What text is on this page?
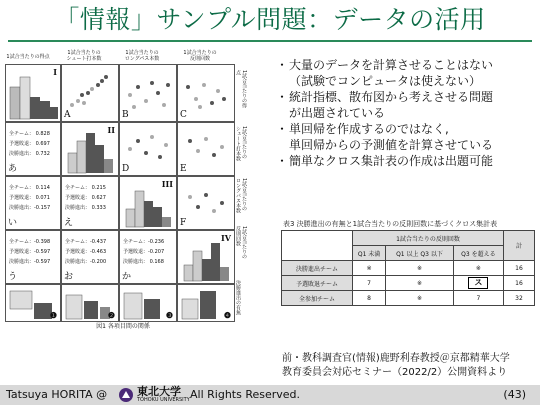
「情報」サンプル問題：データの活用
1試合当たりの得点
1試合当たりの
シュート打本数
1試合当たりの
ロングパス本数
1試合当たりの
反則回数
1試合当たりの得点
1試合当たりの
シュート打本数
1試合当たりの
ロングパス本数
1試合当たりの
反則回数
決勝進出の有無
I
A	B	C
全チーム： 0.828
予選敗退： 0.697
決勝進出： 0.732
あ
II
D	E
全チーム： 0.114
予選敗退： 0.071
決勝進出：-0.157
い
全チーム： 0.215
予選敗退： 0.627
決勝進出： 0.333
え
III
F
全チーム：-0.398
予選敗退：-0.597
決勝進出：-0.597
う
全チーム：-0.437
予選敗退：-0.463
決勝進出：-0.200
お
全チーム：-0.236
予選敗退：-0.207
決勝進出： 0.168
か
IV
❶	❷	❸	❹
図1 各項目間の関係
・ 大量のデータを計算させることはない
（試験でコンピュータは使えない）
・ 統計指標、散布図から考えさせる問題
が出題されている
・ 単回帰を作成するのではなく,
単回帰からの予測値を計算させている
・ 簡単なクロス集計表の作成は出題可能
表3 決勝進出の有無と1試合当たりの反則回数に基づくクロス集計表
	1試合当たりの反則回数			計
	Q1 未満	Q1 以上 Q3 以下	Q3 を超える	
決勝進出チーム	※	※	※	16
予選敗退チーム	7	※	ス	16
全参加チーム	8	※	7	32
前・教科調査官(情報)鹿野利春教授＠京都精華大学
教育委員会対応セミナー（2022/2）公開資料より
Tatsuya HORITA @	東北大学
TOHOKU UNIVERSITY All Rights Reserved.	(43)
